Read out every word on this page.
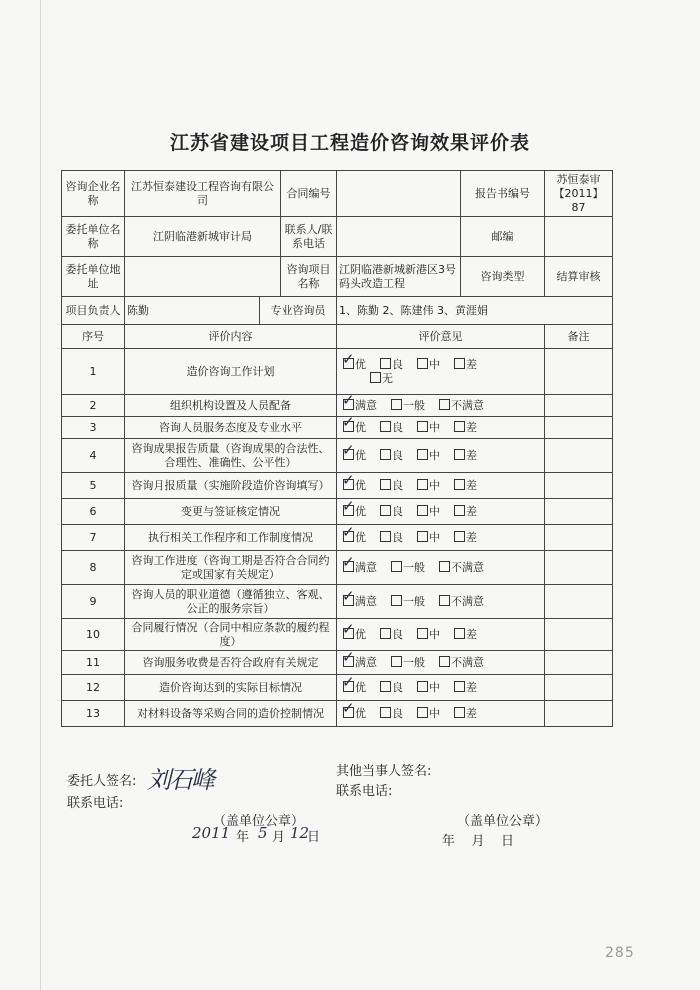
江苏省建设项目工程造价咨询效果评价表
咨询企业名称	江苏恒泰建设工程咨询有限公司		合同编号		报告书编号	苏恒泰审【2011】87
委托单位名称	江阴临港新城审计局		联系人/联系电话		邮编	
委托单位地址			咨询项目名称	江阴临港新城新港区3号码头改造工程	咨询类型	结算审核
项目负责人	陈勤	专业咨询员		1、陈勤 2、陈建伟 3、黄涯娟		
序号	评价内容			评价意见		备注
1	造价咨询工作计划			✓ 优 良 中 差
无		
2	组织机构设置及人员配备			✓ 满意 一般 不满意		
3	咨询人员服务态度及专业水平			✓ 优 良 中 差		
4	咨询成果报告质量（咨询成果的合法性、合理性、准确性、公平性）			✓ 优 良 中 差		
5	咨询月报质量（实施阶段造价咨询填写）			✓ 优 良 中 差		
6	变更与签证核定情况			✓ 优 良 中 差		
7	执行相关工作程序和工作制度情况			✓ 优 良 中 差		
8	咨询工作进度（咨询工期是否符合合同约定或国家有关规定）			✓ 满意 一般 不满意		
9	咨询人员的职业道德（遵循独立、客观、公正的服务宗旨）			✓ 满意 一般 不满意		
10	合同履行情况（合同中相应条款的履约程度）			✓ 优 良 中 差		
11	咨询服务收费是否符合政府有关规定			✓ 满意 一般 不满意		
12	造价咨询达到的实际目标情况			✓ 优 良 中 差		
13	对材料设备等采购合同的造价控制情况			✓ 优 良 中 差		
委托人签名: 刘石峰
联系电话:
（盖单位公章）
2011 年 5 月 12
日
其他当事人签名:
联系电话:
（盖单位公章）
年    月    日
285
